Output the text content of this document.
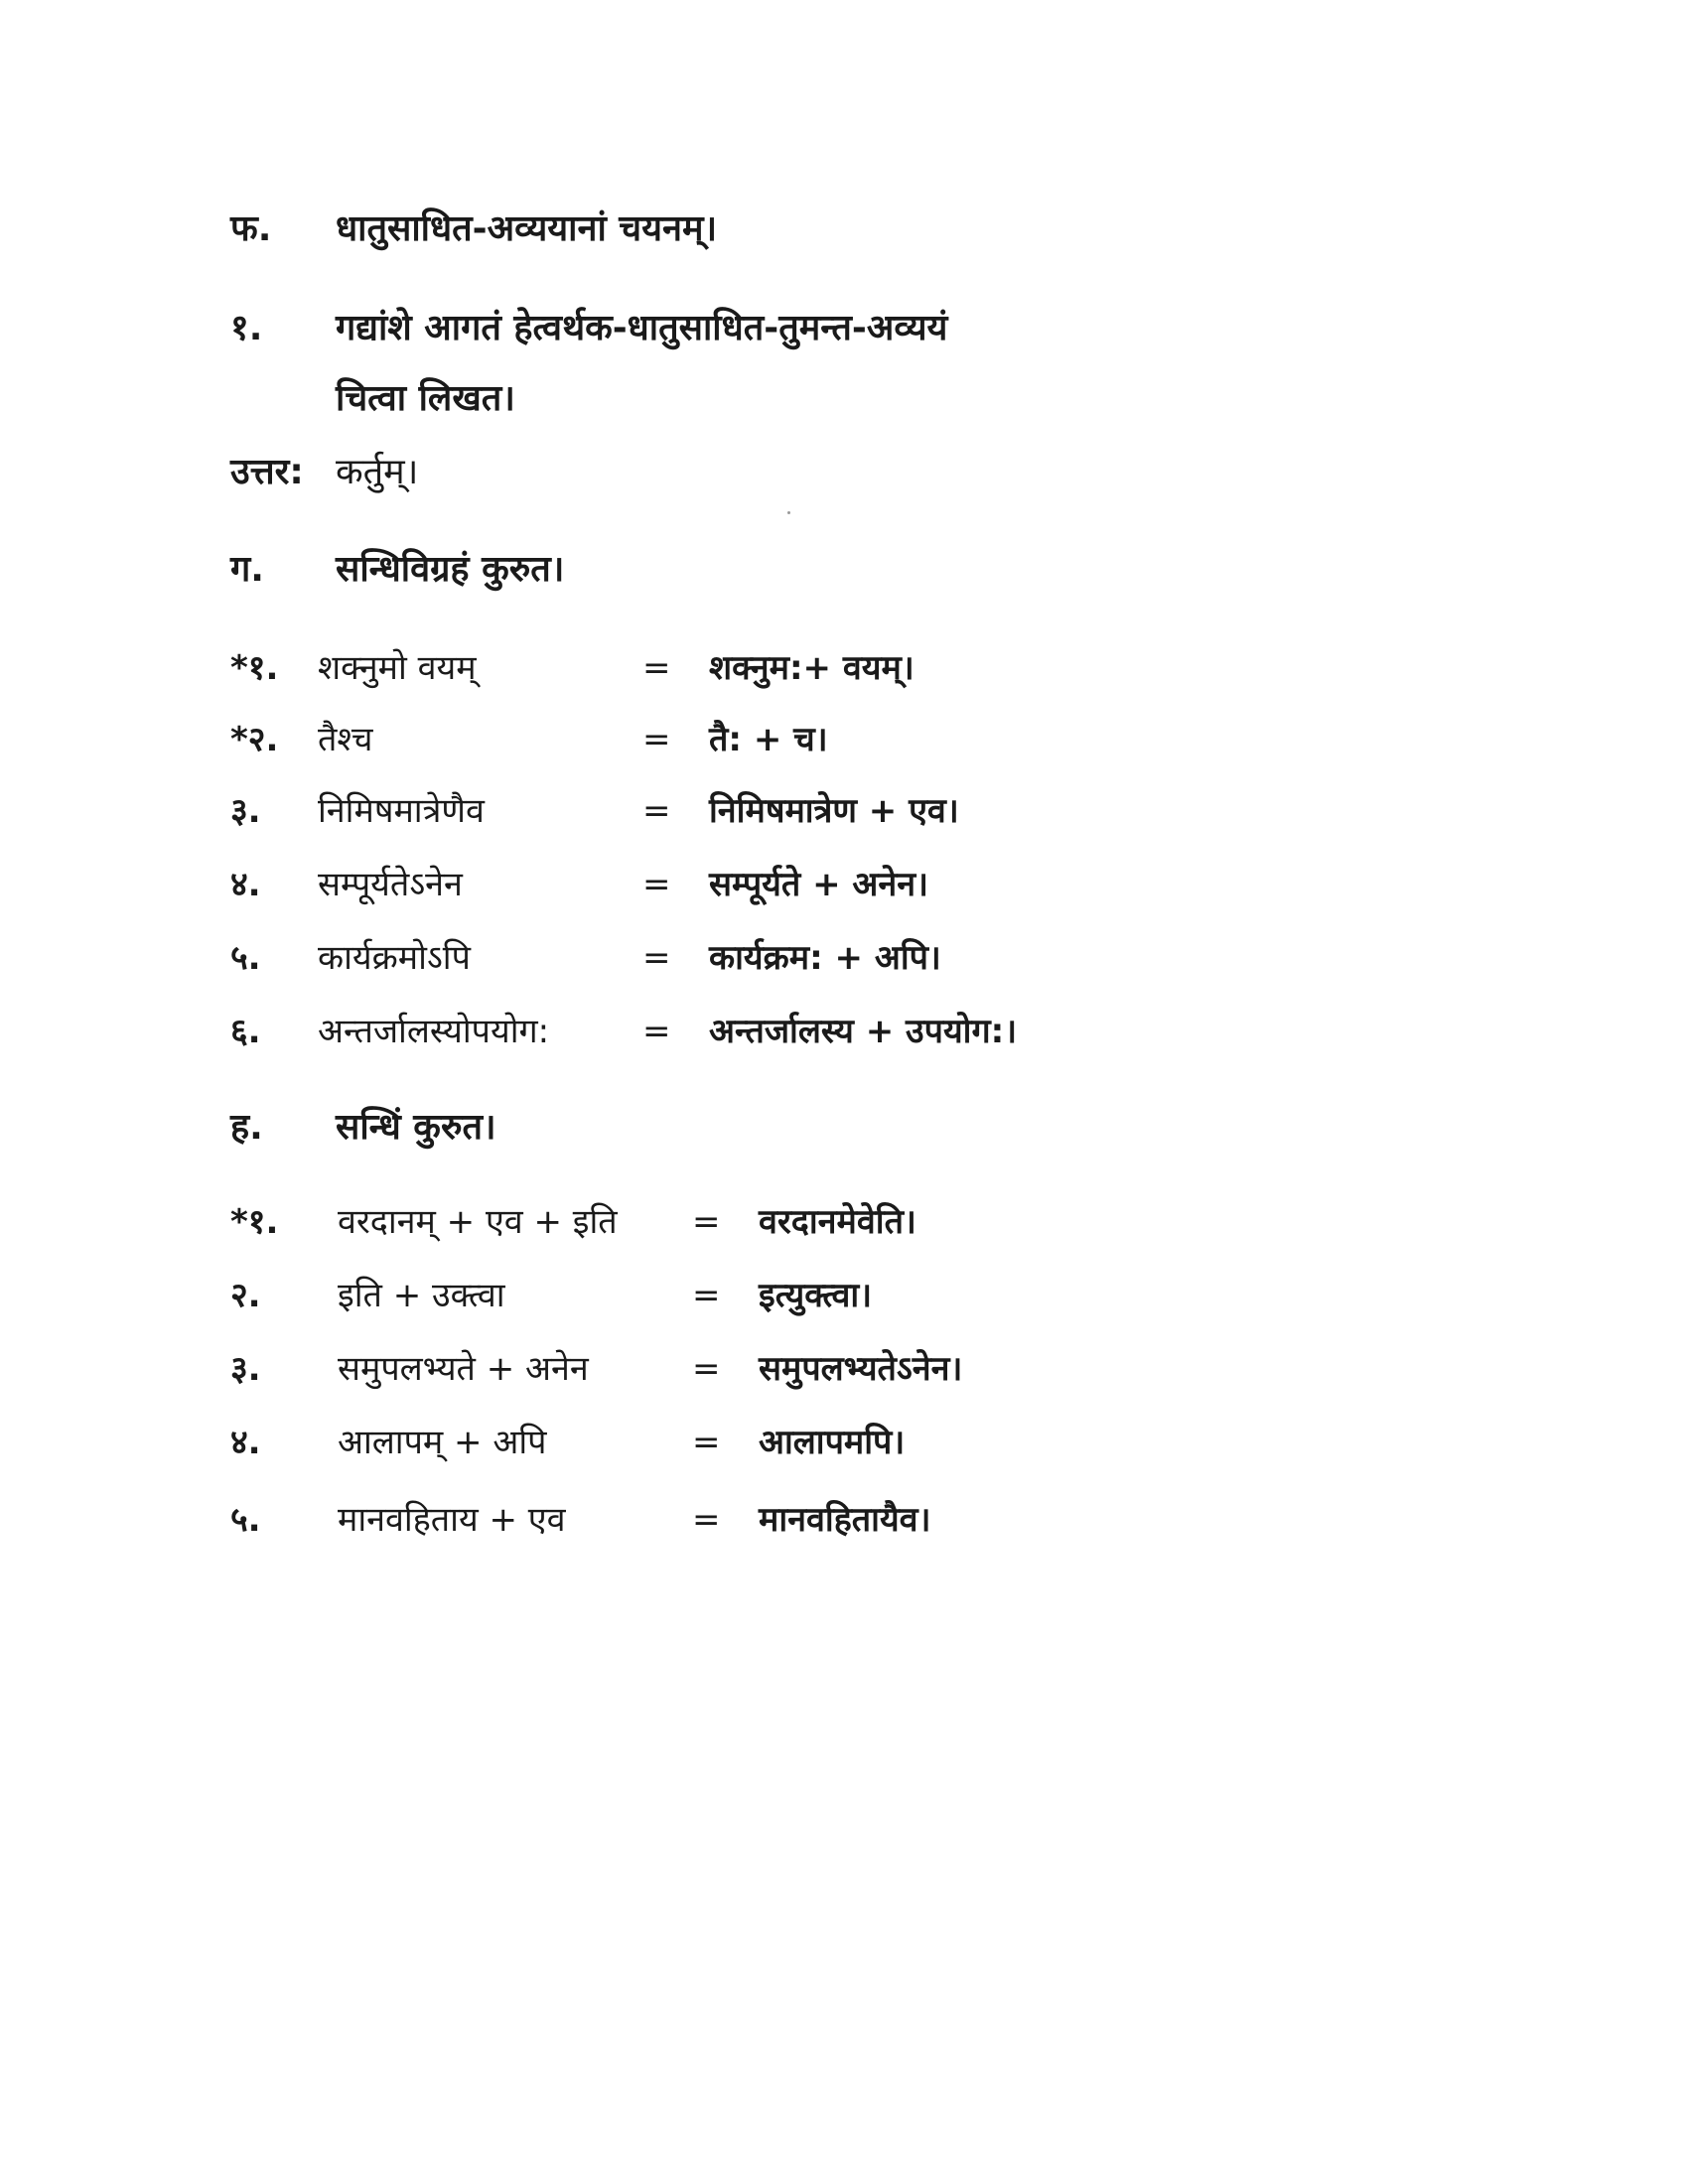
फ. धातुसाधित-अव्ययानां चयनम्।
१. गद्यांशे आगतं हेत्वर्थक-धातुसाधित-तुमन्त-अव्ययं
चित्वा लिखत।
उत्तर: कर्तुम्।
ग. सन्धिविग्रहं कुरुत।
*१. शक्नुमो वयम्	= शक्नुम:+ वयम्।
*२. तैश्च	= तै: + च।
३. निमिषमात्रेणैव	= निमिषमात्रेण + एव।
४. सम्पूर्यतेऽनेन	= सम्पूर्यते + अनेन।
५. कार्यक्रमोऽपि	= कार्यक्रम: + अपि।
६. अन्तर्जालस्योपयोग:	= अन्तर्जालस्य + उपयोग:।
ह. सन्धिं कुरुत।
*१. वरदानम् + एव + इति = वरदानमेवेति।
२. इति + उक्त्वा	= इत्युक्त्वा।
३. समुपलभ्यते + अनेन	= समुपलभ्यतेऽनेन।
४. आलापम् + अपि	= आलापमपि।
५. मानवहिताय + एव	= मानवहितायैव।
